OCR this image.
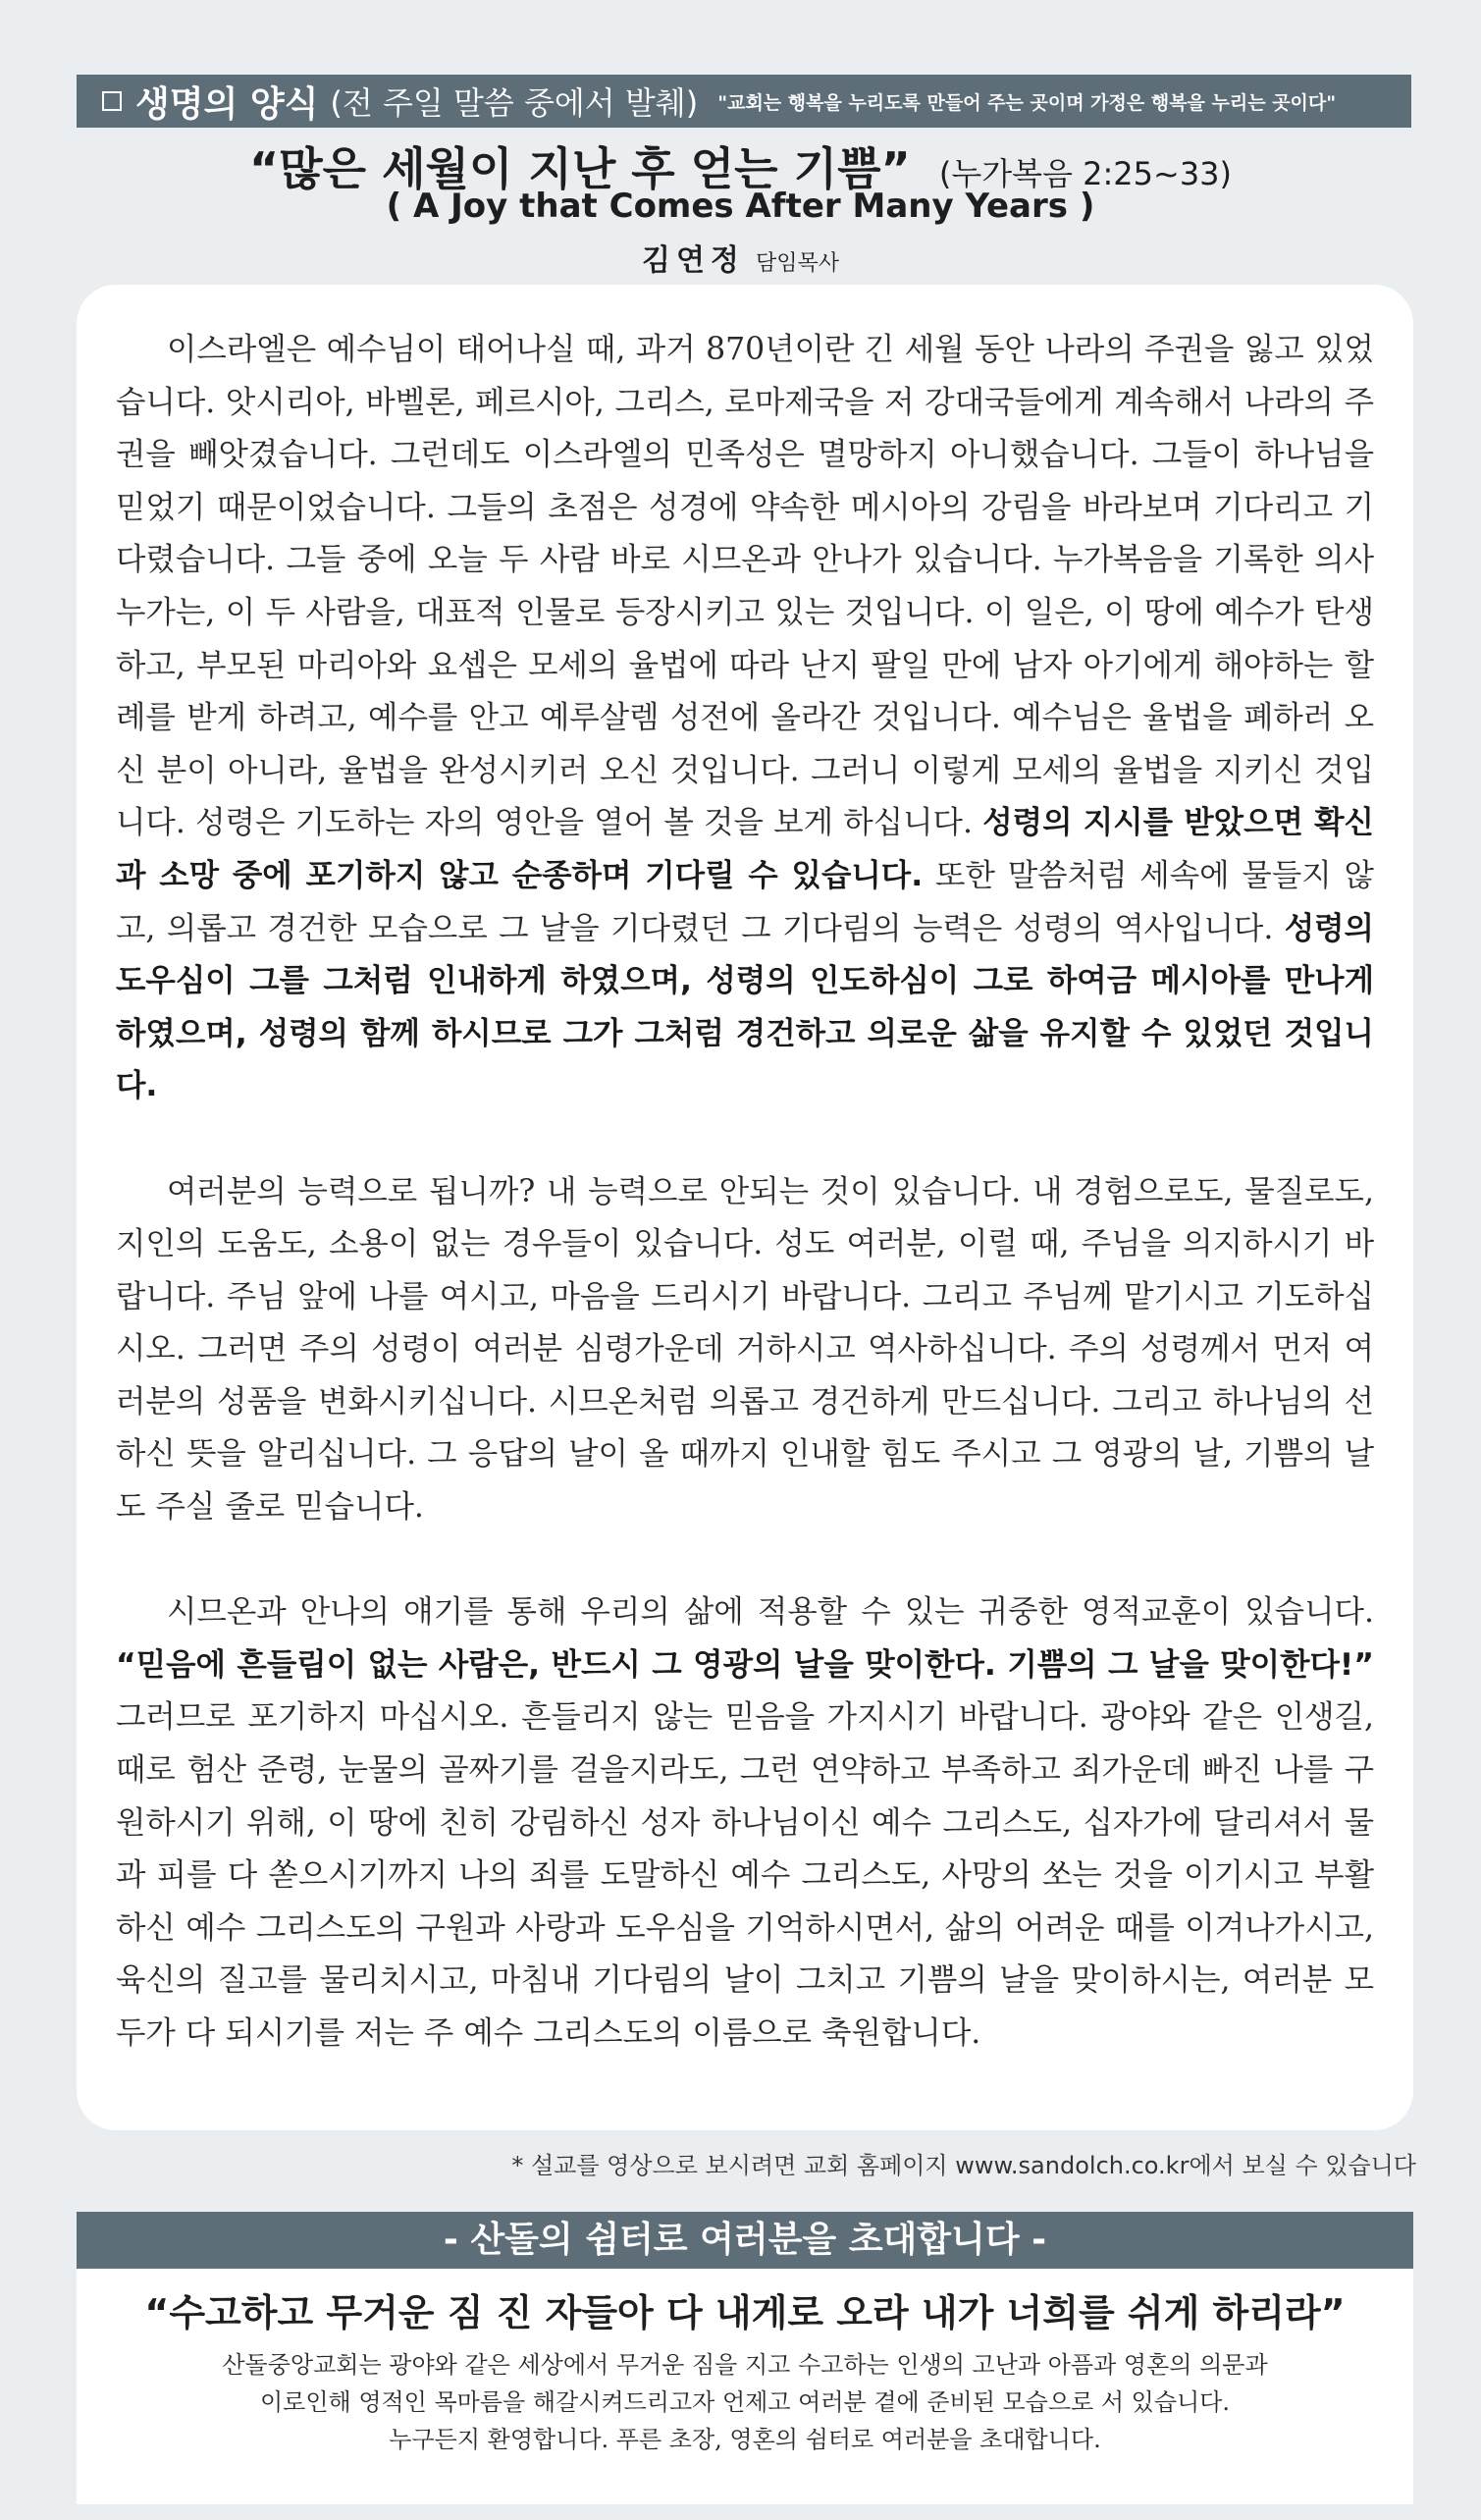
생명의 양식 (전 주일 말씀 중에서 발췌) "교회는 행복을 누리도록 만들어 주는 곳이며 가정은 행복을 누리는 곳이다"
“많은 세월이 지난 후 얻는 기쁨” (누가복음 2:25~33)
( A Joy that Comes After Many Years )
김연정 담임목사

이스라엘은 예수님이 태어나실 때, 과거 870년이란 긴 세월 동안 나라의 주권을 잃고 있었습니다. 앗시리아, 바벨론, 페르시아, 그리스, 로마제국을 저 강대국들에게 계속해서 나라의 주권을 빼앗겼습니다. 그런데도 이스라엘의 민족성은 멸망하지 아니했습니다. 그들이 하나님을 믿었기 때문이었습니다. 그들의 초점은 성경에 약속한 메시아의 강림을 바라보며 기다리고 기다렸습니다. 그들 중에 오늘 두 사람 바로 시므온과 안나가 있습니다. 누가복음을 기록한 의사 누가는, 이 두 사람을, 대표적 인물로 등장시키고 있는 것입니다. 이 일은, 이 땅에 예수가 탄생하고, 부모된 마리아와 요셉은 모세의 율법에 따라 난지 팔일 만에 남자 아기에게 해야하는 할례를 받게 하려고, 예수를 안고 예루살렘 성전에 올라간 것입니다. 예수님은 율법을 폐하러 오신 분이 아니라, 율법을 완성시키러 오신 것입니다. 그러니 이렇게 모세의 율법을 지키신 것입니다. 성령은 기도하는 자의 영안을 열어 볼 것을 보게 하십니다. 성령의 지시를 받았으면 확신과 소망 중에 포기하지 않고 순종하며 기다릴 수 있습니다. 또한 말씀처럼 세속에 물들지 않고, 의롭고 경건한 모습으로 그 날을 기다렸던 그 기다림의 능력은 성령의 역사입니다. 성령의 도우심이 그를 그처럼 인내하게 하였으며, 성령의 인도하심이 그로 하여금 메시아를 만나게 하였으며, 성령의 함께 하시므로 그가 그처럼 경건하고 의로운 삶을 유지할 수 있었던 것입니다.

여러분의 능력으로 됩니까? 내 능력으로 안되는 것이 있습니다. 내 경험으로도, 물질로도, 지인의 도움도, 소용이 없는 경우들이 있습니다. 성도 여러분, 이럴 때, 주님을 의지하시기 바랍니다. 주님 앞에 나를 여시고, 마음을 드리시기 바랍니다. 그리고 주님께 맡기시고 기도하십시오. 그러면 주의 성령이 여러분 심령가운데 거하시고 역사하십니다. 주의 성령께서 먼저 여러분의 성품을 변화시키십니다. 시므온처럼 의롭고 경건하게 만드십니다. 그리고 하나님의 선하신 뜻을 알리십니다. 그 응답의 날이 올 때까지 인내할 힘도 주시고 그 영광의 날, 기쁨의 날도 주실 줄로 믿습니다.

시므온과 안나의 얘기를 통해 우리의 삶에 적용할 수 있는 귀중한 영적교훈이 있습니다. “믿음에 흔들림이 없는 사람은, 반드시 그 영광의 날을 맞이한다. 기쁨의 그 날을 맞이한다!” 그러므로 포기하지 마십시오. 흔들리지 않는 믿음을 가지시기 바랍니다. 광야와 같은 인생길, 때로 험산 준령, 눈물의 골짜기를 걸을지라도, 그런 연약하고 부족하고 죄가운데 빠진 나를 구원하시기 위해, 이 땅에 친히 강림하신 성자 하나님이신 예수 그리스도, 십자가에 달리셔서 물과 피를 다 쏟으시기까지 나의 죄를 도말하신 예수 그리스도, 사망의 쏘는 것을 이기시고 부활하신 예수 그리스도의 구원과 사랑과 도우심을 기억하시면서, 삶의 어려운 때를 이겨나가시고, 육신의 질고를 물리치시고, 마침내 기다림의 날이 그치고 기쁨의 날을 맞이하시는, 여러분 모두가 다 되시기를 저는 주 예수 그리스도의 이름으로 축원합니다.

* 설교를 영상으로 보시려면 교회 홈페이지 www.sandolch.co.kr에서 보실 수 있습니다
- 산돌의 쉼터로 여러분을 초대합니다 -
“수고하고 무거운 짐 진 자들아 다 내게로 오라 내가 너희를 쉬게 하리라”
산돌중앙교회는 광야와 같은 세상에서 무거운 짐을 지고 수고하는 인생의 고난과 아픔과 영혼의 의문과
이로인해 영적인 목마름을 해갈시켜드리고자 언제고 여러분 곁에 준비된 모습으로 서 있습니다.
누구든지 환영합니다. 푸른 초장, 영혼의 쉼터로 여러분을 초대합니다.
